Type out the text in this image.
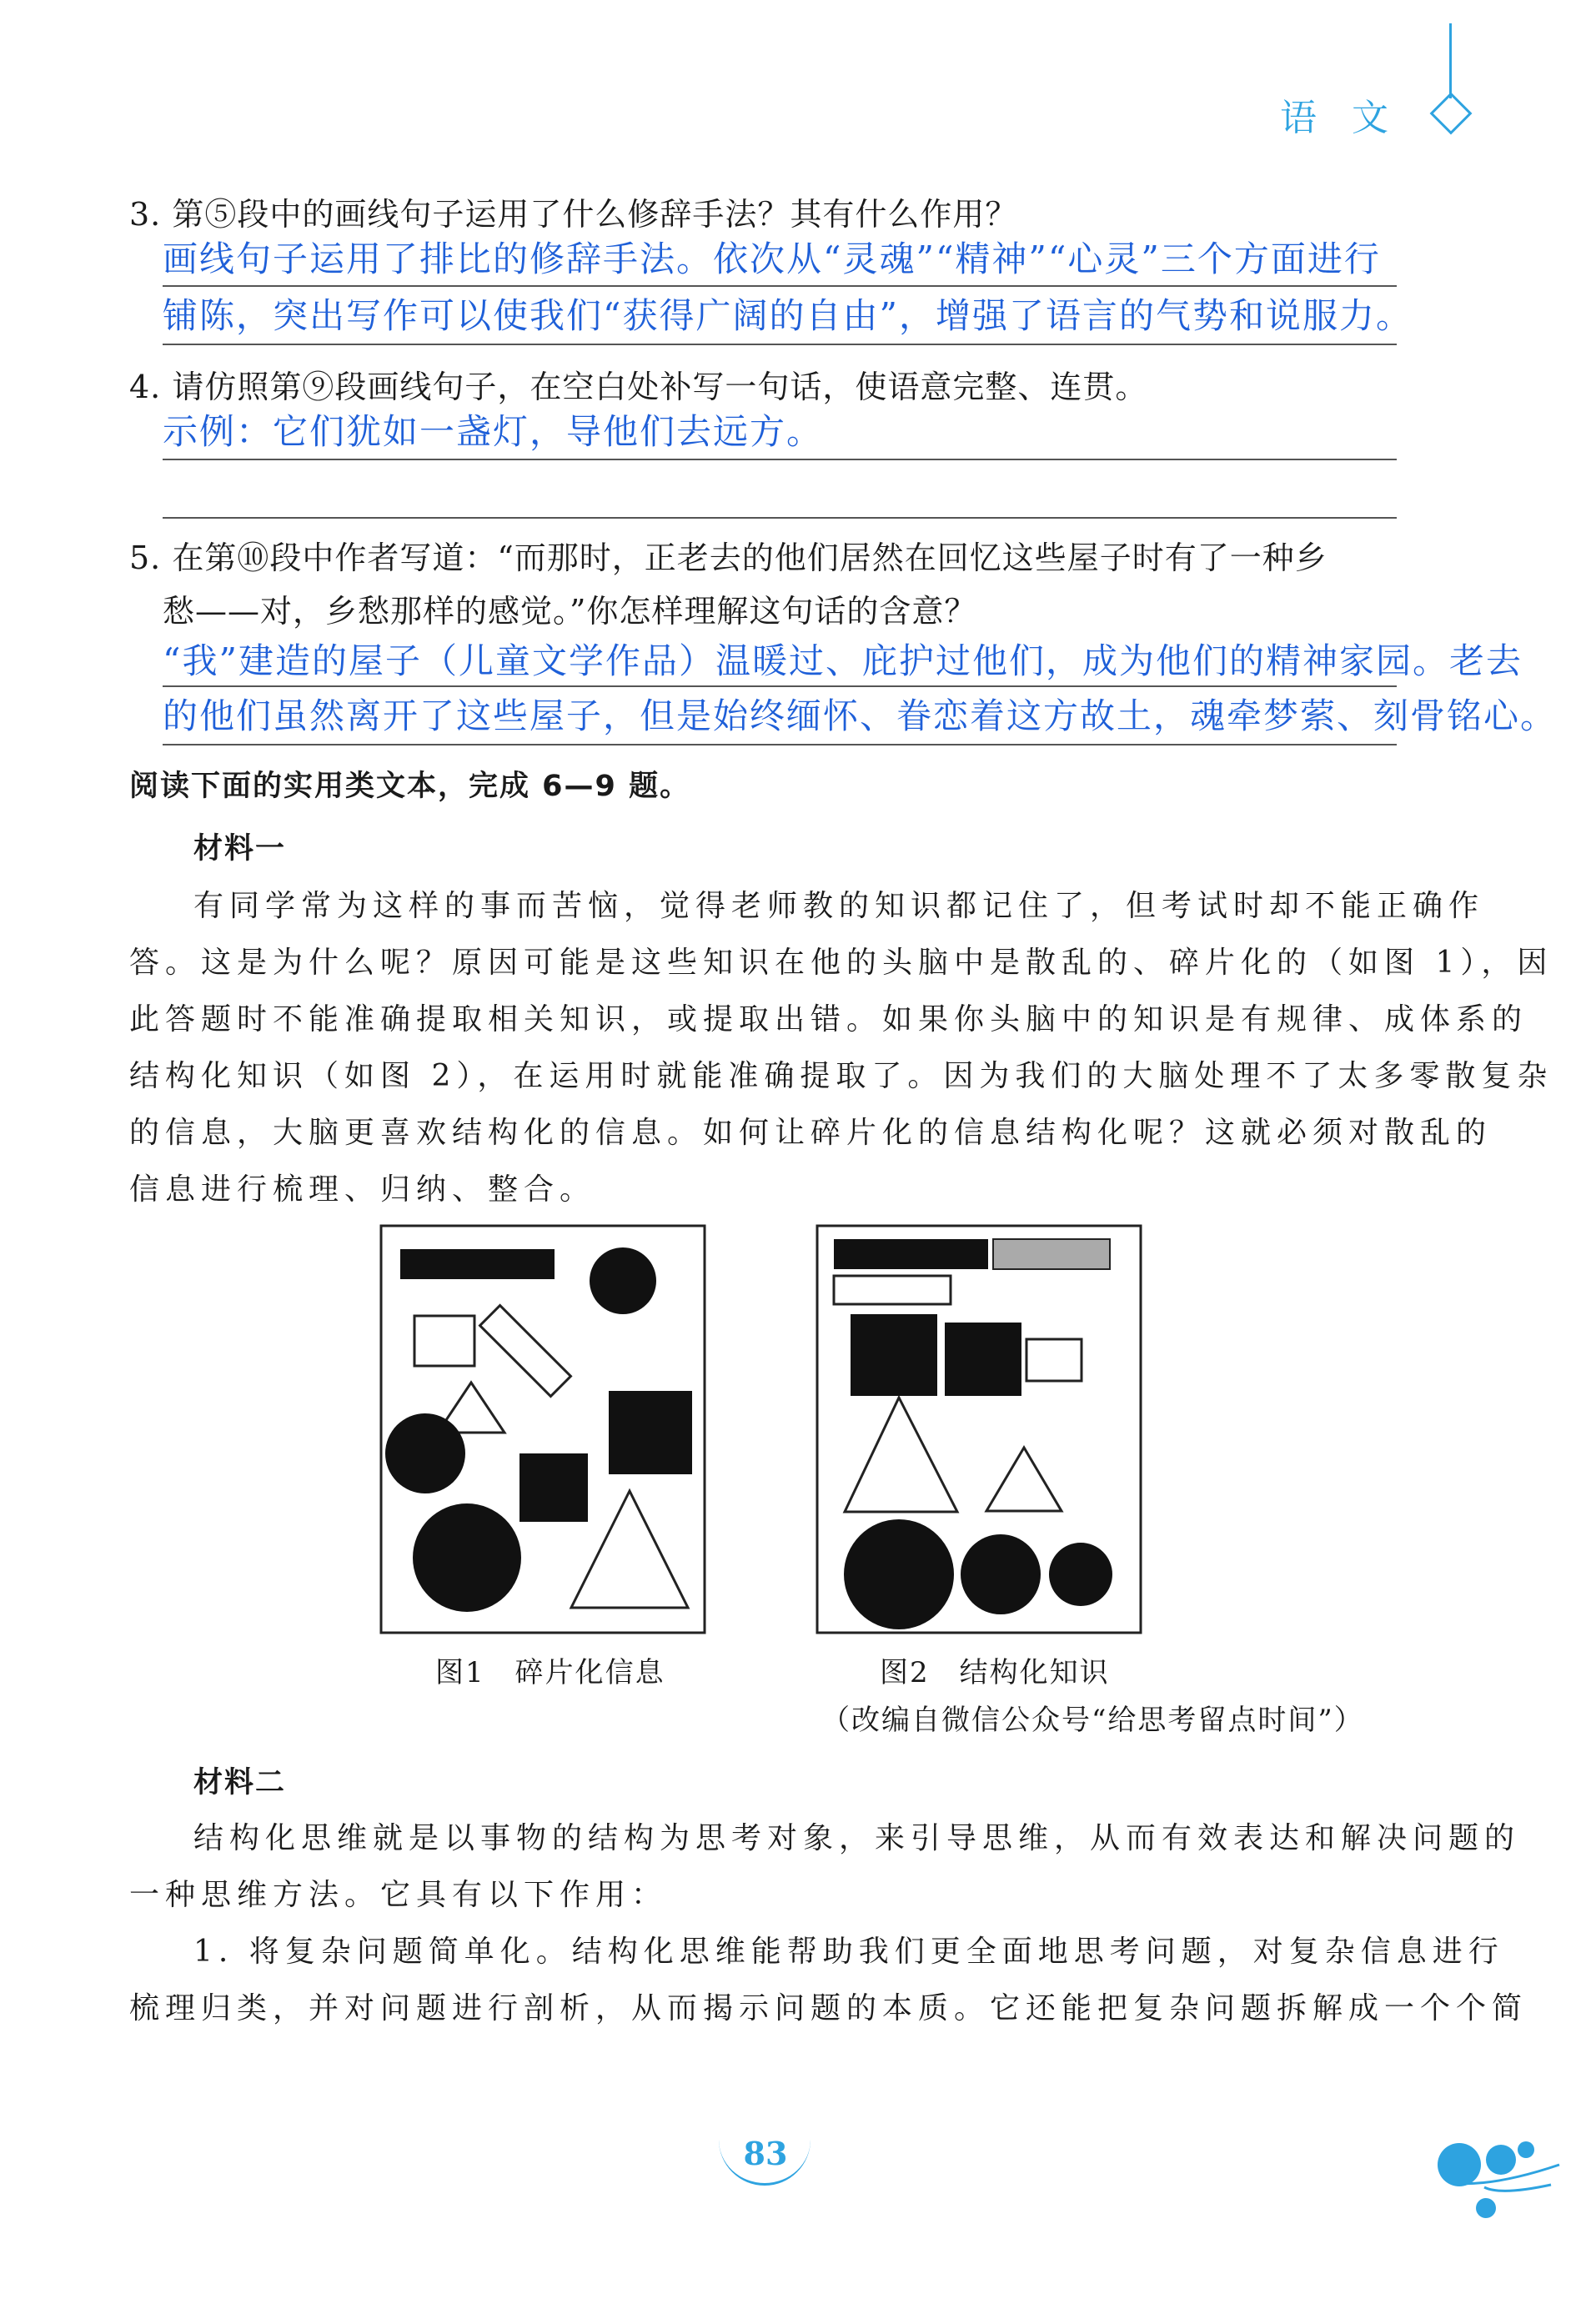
语 文
3. 第⑤段中的画线句子运用了什么修辞手法？其有什么作用？
画线句子运用了排比的修辞手法。依次从“灵魂”“精神”“心灵”三个方面进行
铺陈，突出写作可以使我们“获得广阔的自由”，增强了语言的气势和说服力。
4. 请仿照第⑨段画线句子，在空白处补写一句话，使语意完整、连贯。
示例：它们犹如一盏灯，导他们去远方。
5. 在第⑩段中作者写道：“而那时，正老去的他们居然在回忆这些屋子时有了一种乡
愁——对，乡愁那样的感觉。”你怎样理解这句话的含意？
“我”建造的屋子（儿童文学作品）温暖过、庇护过他们，成为他们的精神家园。老去
的他们虽然离开了这些屋子，但是始终缅怀、眷恋着这方故土，魂牵梦萦、刻骨铭心。
阅读下面的实用类文本，完成 6—9 题。
材料一
有同学常为这样的事而苦恼，觉得老师教的知识都记住了，但考试时却不能正确作
答。这是为什么呢？原因可能是这些知识在他的头脑中是散乱的、碎片化的（如图 1），因
此答题时不能准确提取相关知识，或提取出错。如果你头脑中的知识是有规律、成体系的
结构化知识（如图 2），在运用时就能准确提取了。因为我们的大脑处理不了太多零散复杂
的信息，大脑更喜欢结构化的信息。如何让碎片化的信息结构化呢？这就必须对散乱的
信息进行梳理、归纳、整合。
图1　碎片化信息	图2　结构化知识
（改编自微信公众号“给思考留点时间”）
材料二
结构化思维就是以事物的结构为思考对象，来引导思维，从而有效表达和解决问题的
一种思维方法。它具有以下作用：
1. 将复杂问题简单化。结构化思维能帮助我们更全面地思考问题，对复杂信息进行
梳理归类，并对问题进行剖析，从而揭示问题的本质。它还能把复杂问题拆解成一个个简
83
